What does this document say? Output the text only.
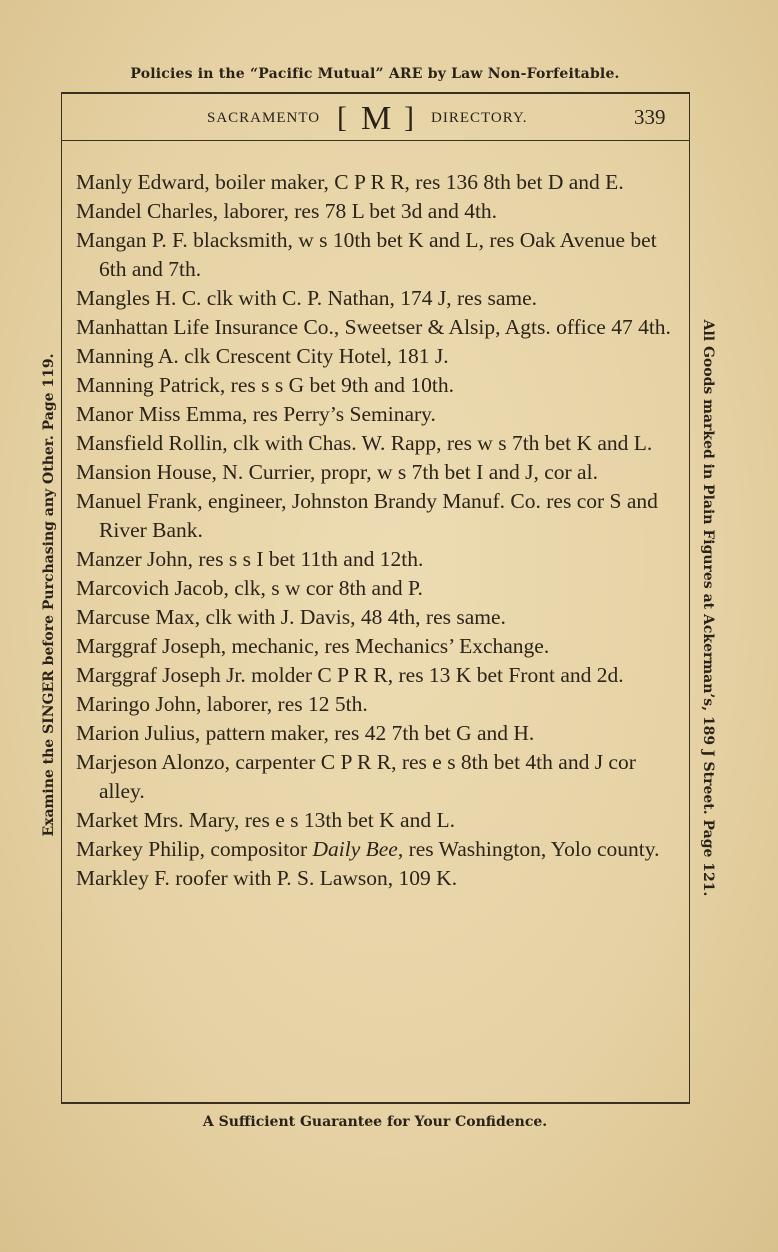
Policies in the “Pacific Mutual” ARE by Law Non-Forfeitable.
Examine the SINGER before Purchasing any Other. Page 119.	All Goods marked in Plain Figures at Ackerman’s, 189 J Street. Page 121.
SACRAMENTO [ M ] DIRECTORY.	339
Manly Edward, boiler maker, C P R R, res 136 8th bet D and E.
Mandel Charles, laborer, res 78 L bet 3d and 4th.
Mangan P. F. blacksmith, w s 10th bet K and L, res Oak Avenue bet 6th and 7th.
Mangles H. C. clk with C. P. Nathan, 174 J, res same.
Manhattan Life Insurance Co., Sweetser & Alsip, Agts. office 47 4th.
Manning A. clk Crescent City Hotel, 181 J.
Manning Patrick, res s s G bet 9th and 10th.
Manor Miss Emma, res Perry’s Seminary.
Mansfield Rollin, clk with Chas. W. Rapp, res w s 7th bet K and L.
Mansion House, N. Currier, propr, w s 7th bet I and J, cor al.
Manuel Frank, engineer, Johnston Brandy Manuf. Co. res cor S and River Bank.
Manzer John, res s s I bet 11th and 12th.
Marcovich Jacob, clk, s w cor 8th and P.
Marcuse Max, clk with J. Davis, 48 4th, res same.
Marggraf Joseph, mechanic, res Mechanics’ Exchange.
Marggraf Joseph Jr. molder C P R R, res 13 K bet Front and 2d.
Maringo John, laborer, res 12 5th.
Marion Julius, pattern maker, res 42 7th bet G and H.
Marjeson Alonzo, carpenter C P R R, res e s 8th bet 4th and J cor alley.
Market Mrs. Mary, res e s 13th bet K and L.
Markey Philip, compositor Daily Bee, res Washington, Yolo county.
Markley F. roofer with P. S. Lawson, 109 K.
A Sufficient Guarantee for Your Confidence.
